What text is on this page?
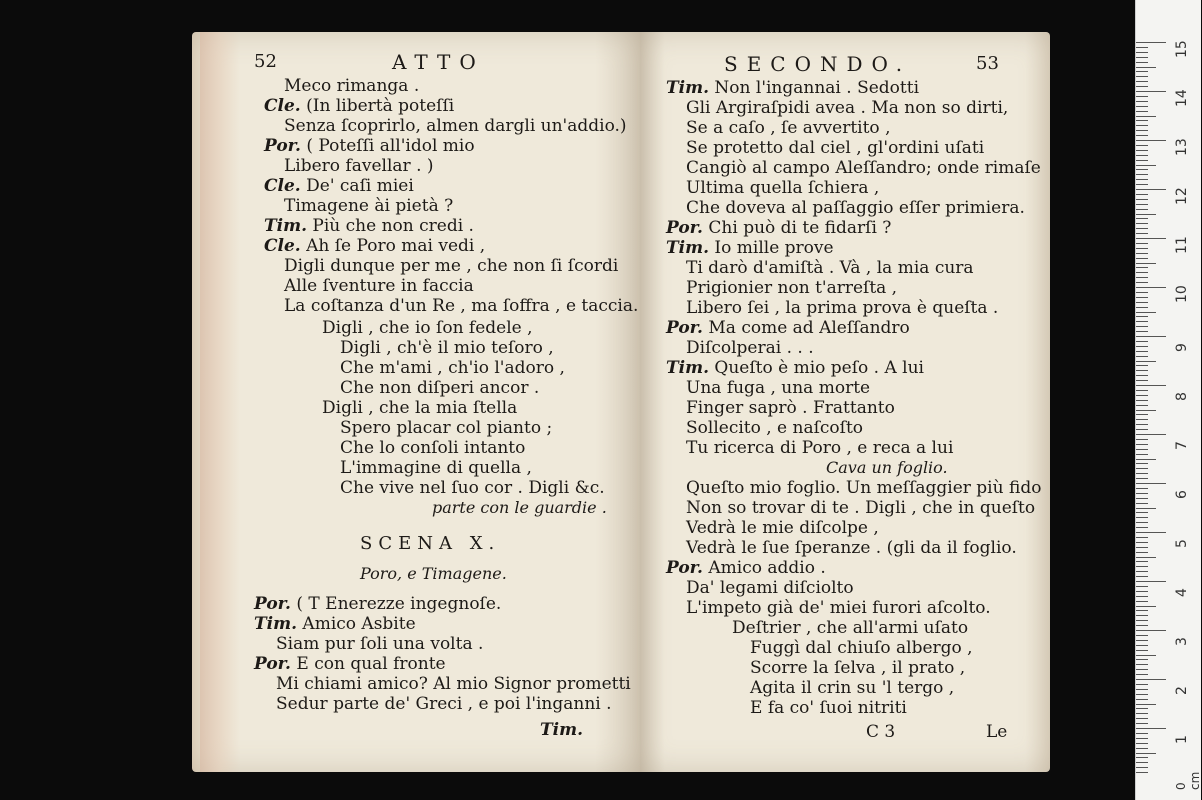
52	ATTO
Meco rimanga .
Cle. (In libertà poteſſi
Senza ſcoprirlo, almen dargli un'addio.)
Por. ( Poteſſi all'idol mio
Libero favellar . )
Cle. De' caſi miei
Timagene ài pietà ?
Tim. Più che non credi .
Cle. Ah ſe Poro mai vedi ,
Digli dunque per me , che non ſi ſcordi
Alle ſventure in faccia
La coſtanza d'un Re , ma ſoffra , e taccia.
Digli , che io ſon fedele ,
Digli , ch'è il mio teſoro ,
Che m'ami , ch'io l'adoro ,
Che non diſperi ancor .
Digli , che la mia ſtella
Spero placar col pianto ;
Che lo conſoli intanto
L'immagine di quella ,
Che vive nel ſuo cor . Digli &c.
parte con le guardie .
SCENA X.
Poro, e Timagene.
Por. ( T Enerezze ingegnoſe.
Tim. Amico Asbite
Siam pur ſoli una volta .
Por. E con qual fronte
Mi chiami amico? Al mio Signor prometti
Sedur parte de' Greci , e poi l'inganni .
Tim.
SECONDO.	53
Tim. Non l'ingannai . Sedotti
Gli Argiraſpidi avea . Ma non so dirti,
Se a caſo , ſe avvertito ,
Se protetto dal ciel , gl'ordini uſati
Cangiò al campo Aleſſandro; onde rimaſe
Ultima quella ſchiera ,
Che doveva al paſſaggio eſſer primiera.
Por. Chi può di te fidarſi ?
Tim. Io mille prove
Ti darò d'amiſtà . Và , la mia cura
Prigionier non t'arreſta ,
Libero ſei , la prima prova è queſta .
Por. Ma come ad Aleſſandro
Diſcolperai . . .
Tim. Queſto è mio peſo . A lui
Una fuga , una morte
Finger saprò . Frattanto
Sollecito , e naſcoſto
Tu ricerca di Poro , e reca a lui
Cava un foglio.
Queſto mio foglio. Un meſſaggier più fido
Non so trovar di te . Digli , che in queſto
Vedrà le mie diſcolpe ,
Vedrà le ſue ſperanze . (gli da il foglio.
Por. Amico addio .
Da' legami diſciolto
L'impeto già de' miei furori aſcolto.
Deſtrier , che all'armi uſato
Fuggì dal chiuſo albergo ,
Scorre la ſelva , il prato ,
Agita il crin su 'l tergo ,
E fa co' ſuoi nitriti
C 3	Le
15
14
13
12
11
10
9
8
7
6
5
4
3
2
1
0 cm
